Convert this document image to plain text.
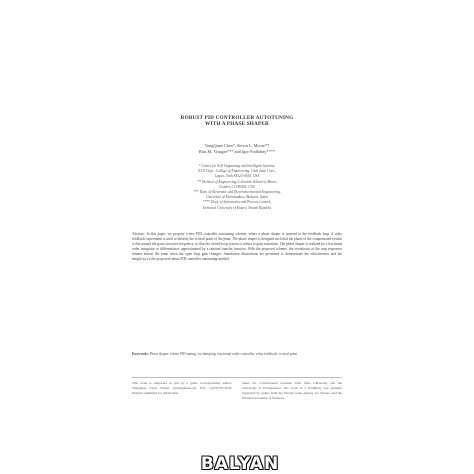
ROBUST PID CONTROLLER AUTOTUNING
WITH A PHASE SHAPER
YangQuan Chen*, Kevin L. Moore**
Blas M. Vinagre*** and Igor Podlubny****
* Center for Self-Organizing and Intelligent Systems,
ECE Dept., College of Engineering, Utah State Univ.,
Logan, Utah 84322-4160, USA
** Division of Engineering, Colorado School of Mines,
Golden, CO 80401, USA
*** Dept. of Electronic and Electromechanical Engineering,
University of Extremadura, Badajoz, Spain
**** Dept. of Informatics and Process Control,
Technical University of Kosice, Slovak Republic
Abstract: In this paper, we propose a new PID controller autotuning scheme, where a phase shaper is inserted to the feedback loop. A relay feedback experiment is used to identify the critical point of the plant. The phase shaper is designed such that the phase of the compensated system is flat around the gain crossover frequency, so that the closed-loop system is robust to gain variations. The phase shaper is realized by a fractional order integrator or differentiator, approximated by a rational transfer function. With the proposed scheme, the overshoots of the step responses remain almost the same when the open loop gain changes. Simulation illustrations are presented to demonstrate the effectiveness and the simplicity of the proposed robust PID controller autotuning method.
Keywords: Phase shaper, robust PID tuning, iso-damping, fractional order controller, relay feedback, critical point.
This work is supported in part by a grant. Corresponding author: YangQuan Chen. Email: yqchen@ieee.org. Fax: 1(435)797-3054. Preprint submitted for publication.
under the Collaboration between Utah State University and the University of Extremadura. The work of I. Podlubny was partially supported by grants from the Slovak Grant Agency for Science and the National Academy of Sciences.
BALYAN
